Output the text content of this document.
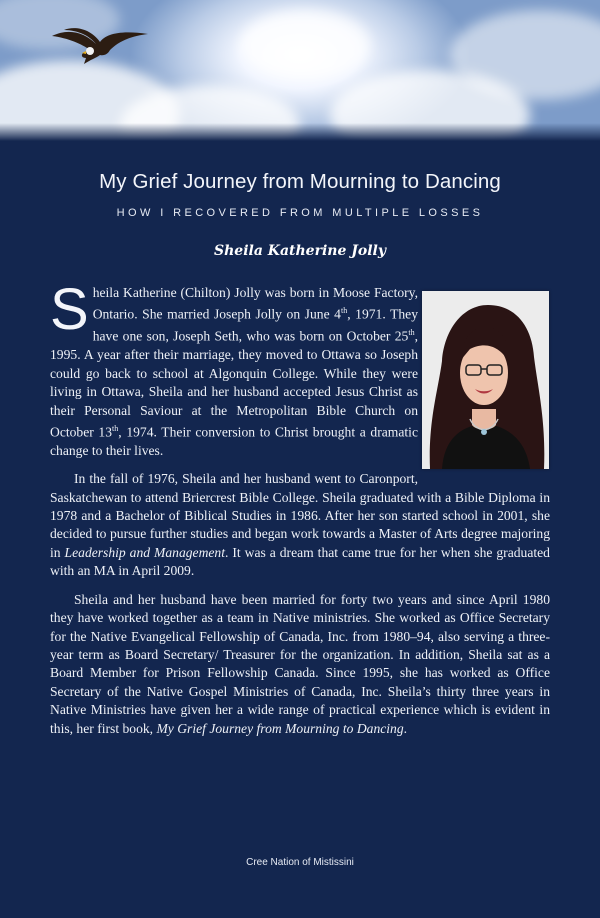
My Grief Journey from Mourning to Dancing
HOW I RECOVERED FROM MULTIPLE LOSSES
Sheila Katherine Jolly

Sheila Katherine (Chilton) Jolly was born in Moose Factory, Ontario. She married Joseph Jolly on June 4th, 1971. They have one son, Joseph Seth, who was born on October 25th, 1995. A year after their marriage, they moved to Ottawa so Joseph could go back to school at Algonquin College. While they were living in Ottawa, Sheila and her husband accepted Jesus Christ as their Personal Saviour at the Metropolitan Bible Church on October 13th, 1974. Their conversion to Christ brought a dramatic change to their lives.

In the fall of 1976, Sheila and her husband went to Caronport, Saskatchewan to attend Briercrest Bible College. Sheila graduated with a Bible Diploma in 1978 and a Bachelor of Biblical Studies in 1986. After her son started school in 2001, she decided to pursue further studies and began work towards a Master of Arts degree majoring in Leadership and Management. It was a dream that came true for her when she graduated with an MA in April 2009.

Sheila and her husband have been married for forty two years and since April 1980 they have worked together as a team in Native ministries. She worked as Office Secretary for the Native Evangelical Fellowship of Canada, Inc. from 1980–94, also serving a three-year term as Board Secretary/ Treasurer for the organization. In addition, Sheila sat as a Board Member for Prison Fellowship Canada. Since 1995, she has worked as Office Secretary of the Native Gospel Ministries of Canada, Inc. Sheila’s thirty three years in Native Ministries have given her a wide range of practical experience which is evident in this, her first book, My Grief Journey from Mourning to Dancing.

Cree Nation of Mistissini
